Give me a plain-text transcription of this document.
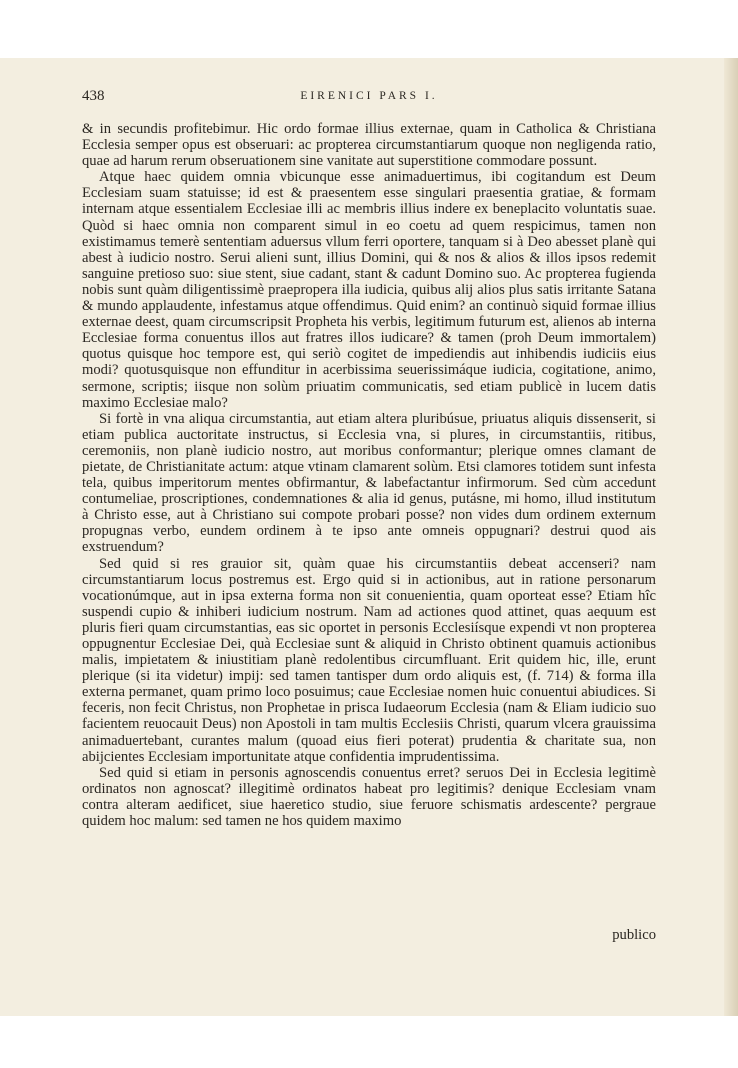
438	EIRENICI PARS I.

& in secundis profitebimur. Hic ordo formae illius externae, quam in Catholica & Christiana Ecclesia semper opus est obseruari: ac propterea circumstantiarum quoque non negligenda ratio, quae ad harum rerum obseruationem sine vanitate aut superstitione commodare possunt.

Atque haec quidem omnia vbicunque esse animaduertimus, ibi cogitandum est Deum Ecclesiam suam statuisse; id est & praesentem esse singulari praesentia gratiae, & formam internam atque essentialem Ecclesiae illi ac membris illius indere ex beneplacito voluntatis suae. Quòd si haec omnia non comparent simul in eo coetu ad quem respicimus, tamen non existimamus temerè sententiam aduersus vllum ferri oportere, tanquam si à Deo abesset planè qui abest à iudicio nostro. Serui alieni sunt, illius Domini, qui & nos & alios & illos ipsos redemit sanguine pretioso suo: siue stent, siue cadant, stant & cadunt Domino suo. Ac propterea fugienda nobis sunt quàm diligentissimè praepropera illa iudicia, quibus alij alios plus satis irritante Satana & mundo applaudente, infestamus atque offendimus. Quid enim? an continuò siquid formae illius externae deest, quam circumscripsit Propheta his verbis, legitimum futurum est, alienos ab interna Ecclesiae forma conuentus illos aut fratres illos iudicare? & tamen (proh Deum immortalem) quotus quisque hoc tempore est, qui seriò cogitet de impediendis aut inhibendis iudiciis eius modi? quotusquisque non effunditur in acerbissima seuerissimáque iudicia, cogitatione, animo, sermone, scriptis; iisque non solùm priuatim communicatis, sed etiam publicè in lucem datis maximo Ecclesiae malo?

Si fortè in vna aliqua circumstantia, aut etiam altera pluribúsue, priuatus aliquis dissenserit, si etiam publica auctoritate instructus, si Ecclesia vna, si plures, in circumstantiis, ritibus, ceremoniis, non planè iudicio nostro, aut moribus conformantur; plerique omnes clamant de pietate, de Christianitate actum: atque vtinam clamarent solùm. Etsi clamores totidem sunt infesta tela, quibus imperitorum mentes obfirmantur, & labefactantur infirmorum. Sed cùm accedunt contumeliae, proscriptiones, condemnationes & alia id genus, putásne, mi homo, illud institutum à Christo esse, aut à Christiano sui compote probari posse? non vides dum ordinem externum propugnas verbo, eundem ordinem à te ipso ante omneis oppugnari? destrui quod ais exstruendum?

Sed quid si res grauior sit, quàm quae his circumstantiis debeat accenseri? nam circumstantiarum locus postremus est. Ergo quid si in actionibus, aut in ratione personarum vocationúmque, aut in ipsa externa forma non sit conuenientia, quam oporteat esse? Etiam hîc suspendi cupio & inhiberi iudicium nostrum. Nam ad actiones quod attinet, quas aequum est pluris fieri quam circumstantias, eas sic oportet in personis Ecclesiísque expendi vt non propterea oppugnentur Ecclesiae Dei, quà Ecclesiae sunt & aliquid in Christo obtinent quamuis actionibus malis, impietatem & iniustitiam planè redolentibus circumfluant. Erit quidem hic, ille, erunt plerique (si ita videtur) impij: sed tamen tantisper dum ordo aliquis est, (f. 714) & forma illa externa permanet, quam primo loco posuimus; caue Ecclesiae nomen huic conuentui abiudices. Si feceris, non fecit Christus, non Prophetae in prisca Iudaeorum Ecclesia (nam & Eliam iudicio suo facientem reuocauit Deus) non Apostoli in tam multis Ecclesiis Christi, quarum vlcera grauissima animaduertebant, curantes malum (quoad eius fieri poterat) prudentia & charitate sua, non abijcientes Ecclesiam importunitate atque confidentia imprudentissima.

Sed quid si etiam in personis agnoscendis conuentus erret? seruos Dei in Ecclesia legitimè ordinatos non agnoscat? illegitimè ordinatos habeat pro legitimis? denique Ecclesiam vnam contra alteram aedificet, siue haeretico studio, siue feruore schismatis ardescente? pergraue quidem hoc malum: sed tamen ne hos quidem maximo

publico
